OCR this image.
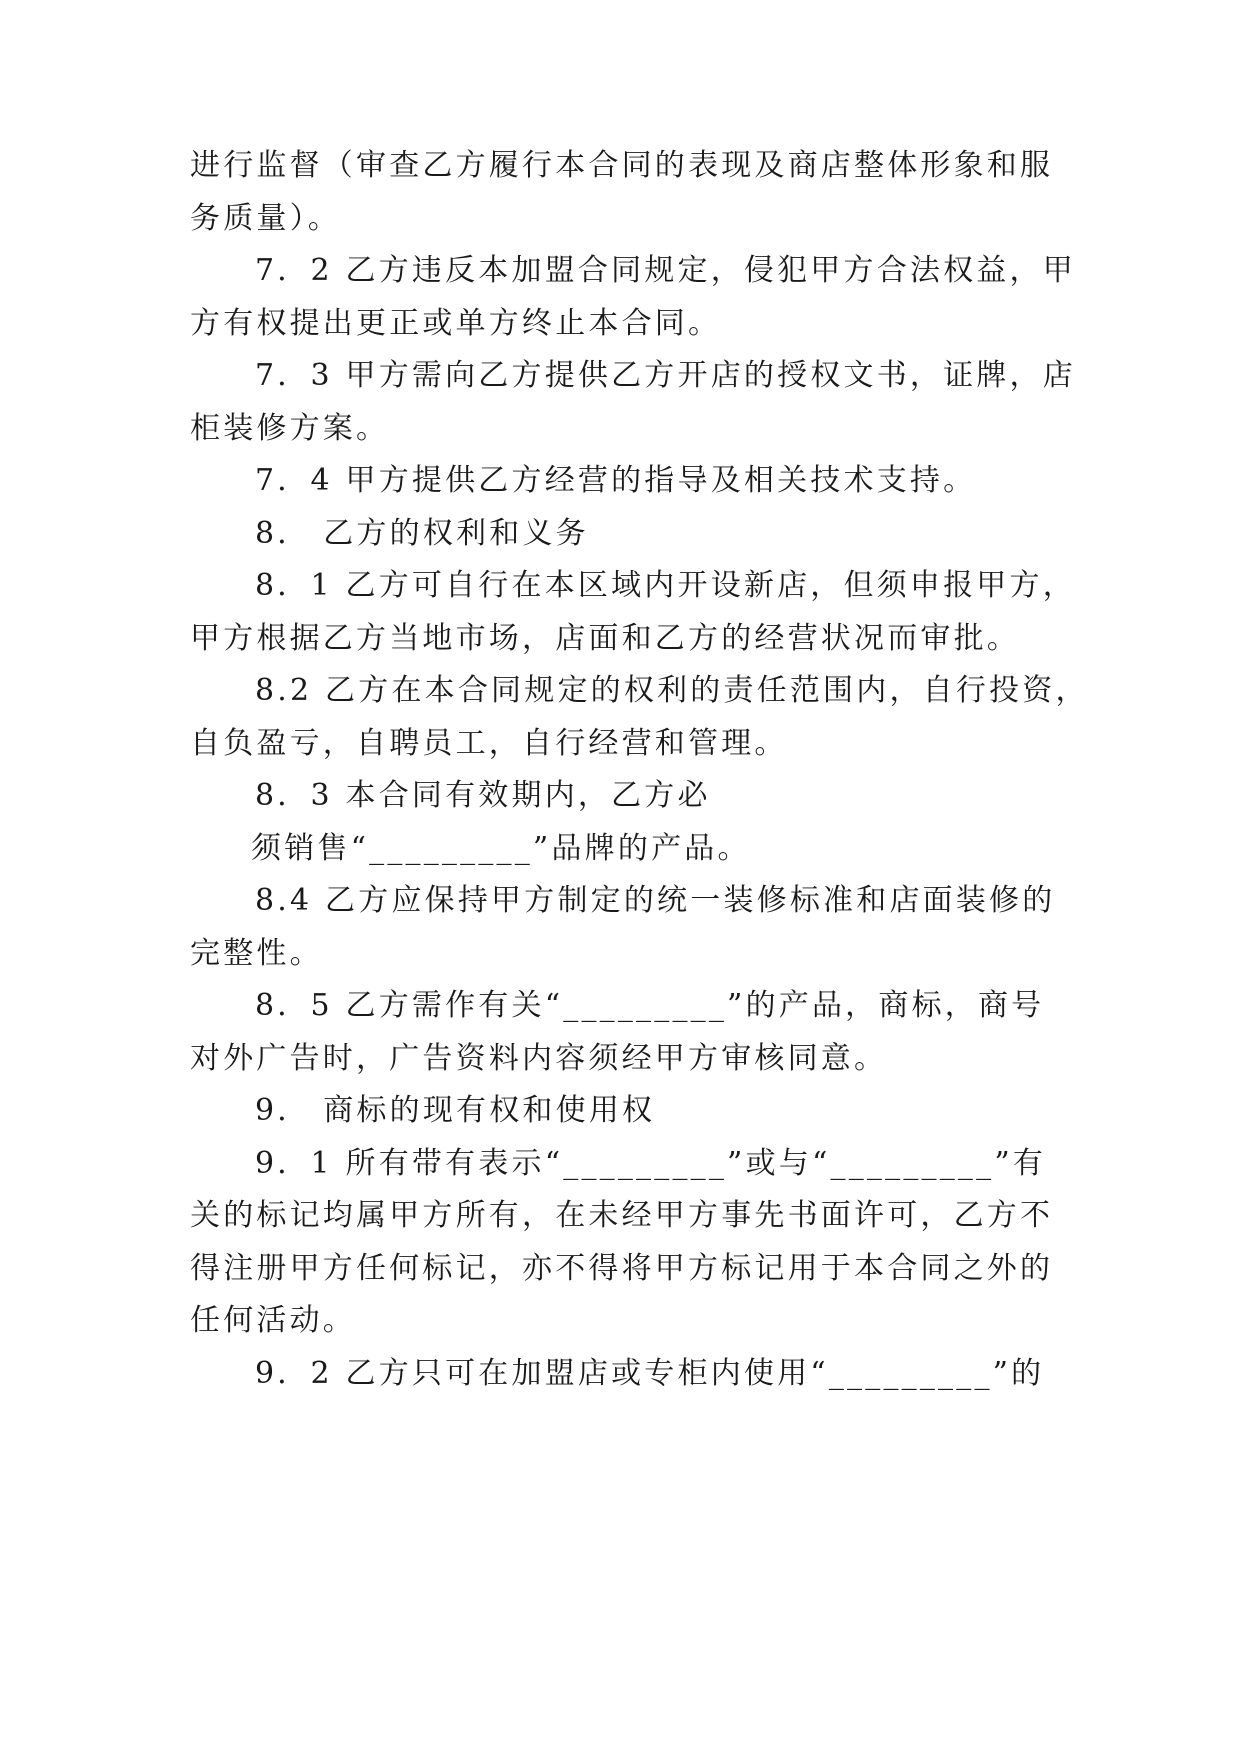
进行监督（审查乙方履行本合同的表现及商店整体形象和服
务质量）。
7．2 乙方违反本加盟合同规定，侵犯甲方合法权益，甲
方有权提出更正或单方终止本合同。
7．3 甲方需向乙方提供乙方开店的授权文书，证牌，店
柜装修方案。
7．4 甲方提供乙方经营的指导及相关技术支持。
8． 乙方的权利和义务
8．1 乙方可自行在本区域内开设新店，但须申报甲方，
甲方根据乙方当地市场，店面和乙方的经营状况而审批。
8.2 乙方在本合同规定的权利的责任范围内，自行投资，
自负盈亏，自聘员工，自行经营和管理。
8．3 本合同有效期内，乙方必
须销售“_________”品牌的产品。
8.4 乙方应保持甲方制定的统一装修标准和店面装修的
完整性。
8．5 乙方需作有关“_________”的产品，商标，商号
对外广告时，广告资料内容须经甲方审核同意。
9． 商标的现有权和使用权
9．1 所有带有表示“_________”或与“_________”有
关的标记均属甲方所有，在未经甲方事先书面许可，乙方不
得注册甲方任何标记，亦不得将甲方标记用于本合同之外的
任何活动。
9．2 乙方只可在加盟店或专柜内使用“_________”的
